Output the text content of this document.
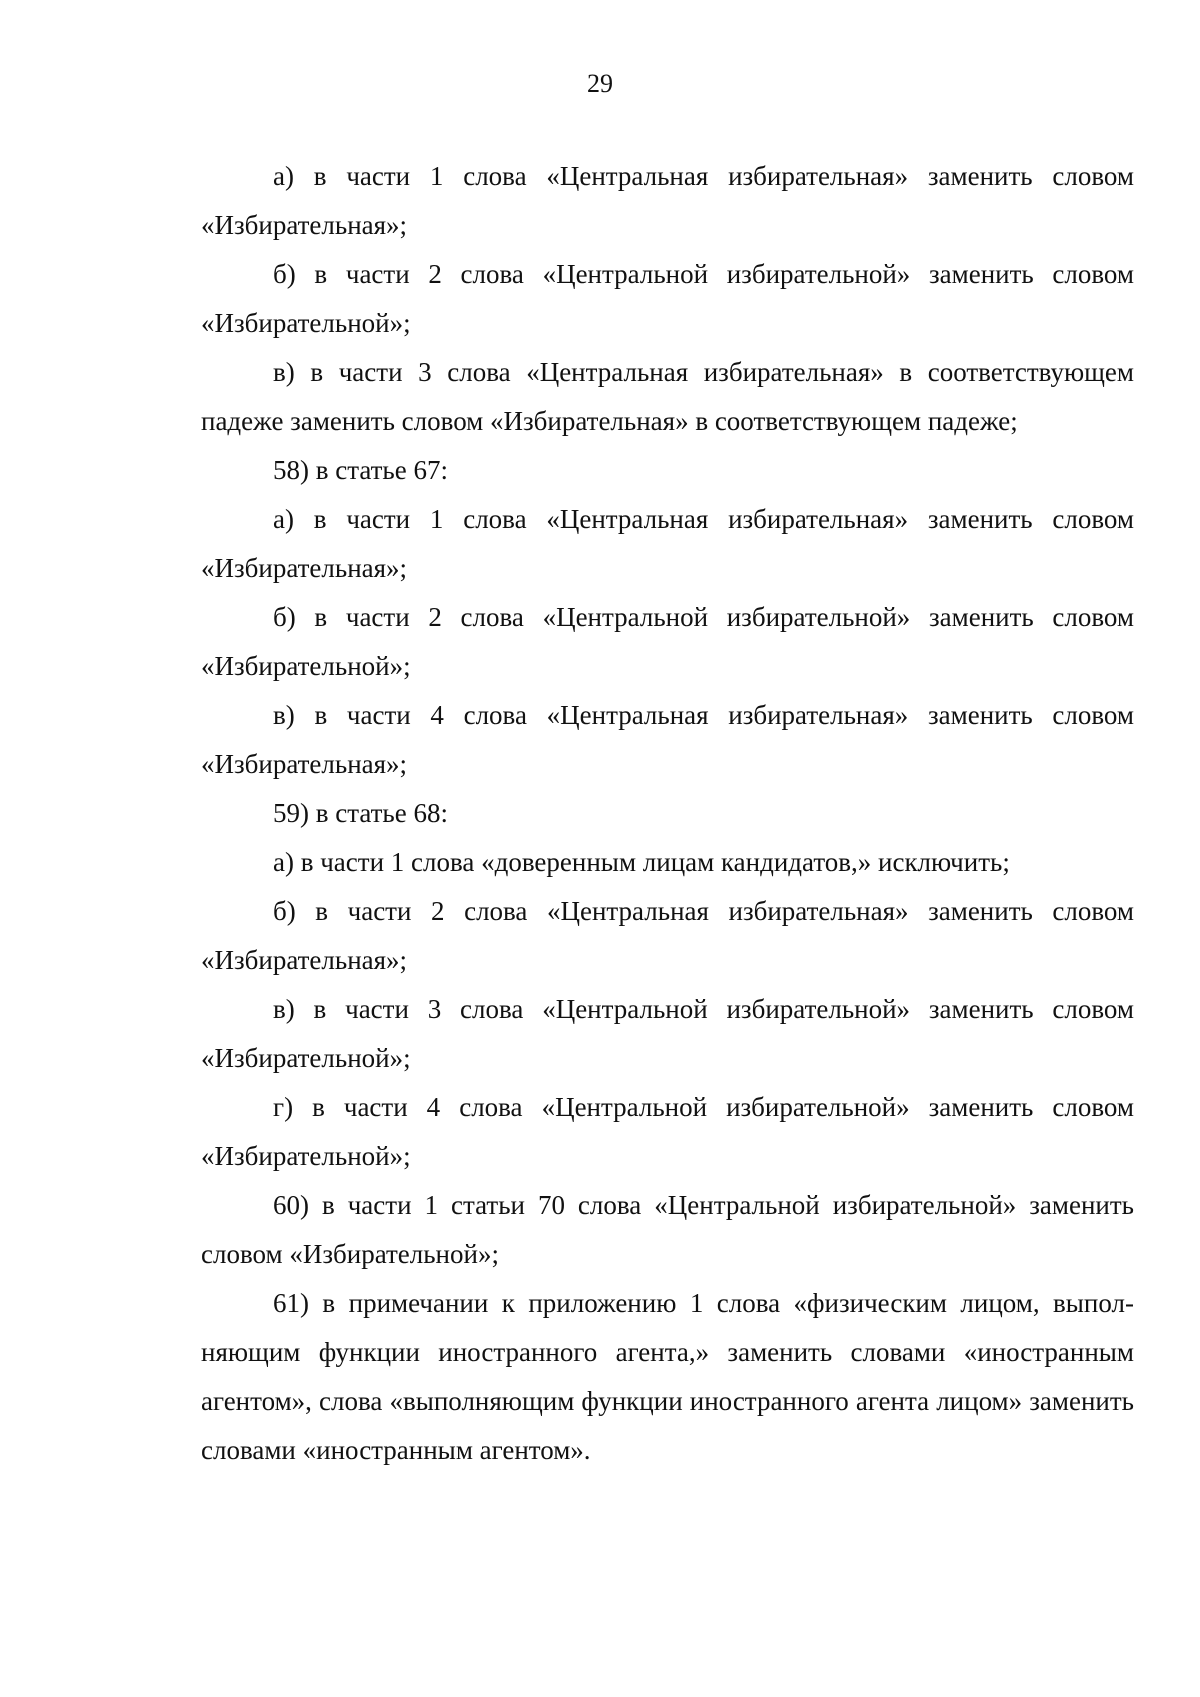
29

а) в части 1 слова «Центральная избирательная» заменить словом «Избирательная»;

б) в части 2 слова «Центральной избирательной» заменить словом «Избирательной»;

в) в части 3 слова «Центральная избирательная» в соответствующем падеже заменить словом «Избирательная» в соответствующем падеже;

58) в статье 67:

а) в части 1 слова «Центральная избирательная» заменить словом «Избирательная»;

б) в части 2 слова «Центральной избирательной» заменить словом «Избирательной»;

в) в части 4 слова «Центральная избирательная» заменить словом «Избирательная»;

59) в статье 68:

а) в части 1 слова «доверенным лицам кандидатов,» исключить;

б) в части 2 слова «Центральная избирательная» заменить словом «Избирательная»;

в) в части 3 слова «Центральной избирательной» заменить словом «Избирательной»;

г) в части 4 слова «Центральной избирательной» заменить словом «Избирательной»;

60) в части 1 статьи 70 слова «Центральной избирательной» заменить словом «Избирательной»;

61) в примечании к приложению 1 слова «физическим лицом, выполняющим функции иностранного агента,» заменить словами «иностранным агентом», слова «выполняющим функции иностранного агента лицом» заменить словами «иностранным агентом».
